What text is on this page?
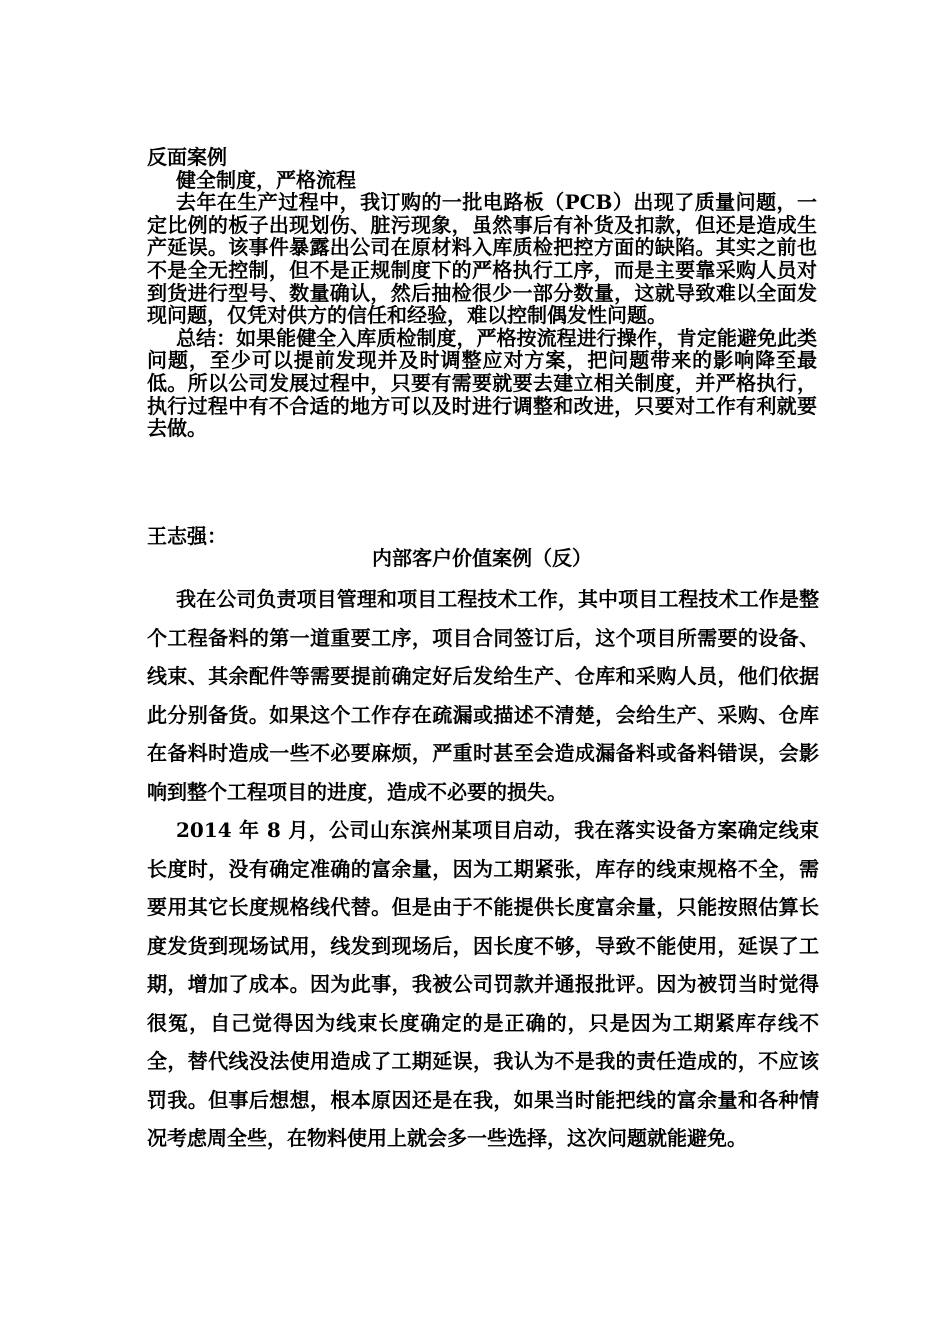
反面案例

健全制度，严格流程

去年在生产过程中，我订购的一批电路板（PCB）出现了质量问题，一定比例的板子出现划伤、脏污现象，虽然事后有补货及扣款，但还是造成生产延误。该事件暴露出公司在原材料入库质检把控方面的缺陷。其实之前也不是全无控制，但不是正规制度下的严格执行工序，而是主要靠采购人员对到货进行型号、数量确认，然后抽检很少一部分数量，这就导致难以全面发现问题，仅凭对供方的信任和经验，难以控制偶发性问题。

总结：如果能健全入库质检制度，严格按流程进行操作，肯定能避免此类问题，至少可以提前发现并及时调整应对方案，把问题带来的影响降至最低。所以公司发展过程中，只要有需要就要去建立相关制度，并严格执行，执行过程中有不合适的地方可以及时进行调整和改进，只要对工作有利就要去做。

王志强：

内部客户价值案例（反）

我在公司负责项目管理和项目工程技术工作，其中项目工程技术工作是整个工程备料的第一道重要工序，项目合同签订后，这个项目所需要的设备、线束、其余配件等需要提前确定好后发给生产、仓库和采购人员，他们依据此分别备货。如果这个工作存在疏漏或描述不清楚，会给生产、采购、仓库在备料时造成一些不必要麻烦，严重时甚至会造成漏备料或备料错误，会影响到整个工程项目的进度，造成不必要的损失。

2014 年 8 月，公司山东滨州某项目启动，我在落实设备方案确定线束长度时，没有确定准确的富余量，因为工期紧张，库存的线束规格不全，需要用其它长度规格线代替。但是由于不能提供长度富余量，只能按照估算长度发货到现场试用，线发到现场后，因长度不够，导致不能使用，延误了工期，增加了成本。因为此事，我被公司罚款并通报批评。因为被罚当时觉得很冤，自己觉得因为线束长度确定的是正确的，只是因为工期紧库存线不全，替代线没法使用造成了工期延误，我认为不是我的责任造成的，不应该罚我。但事后想想，根本原因还是在我，如果当时能把线的富余量和各种情况考虑周全些，在物料使用上就会多一些选择，这次问题就能避免。
